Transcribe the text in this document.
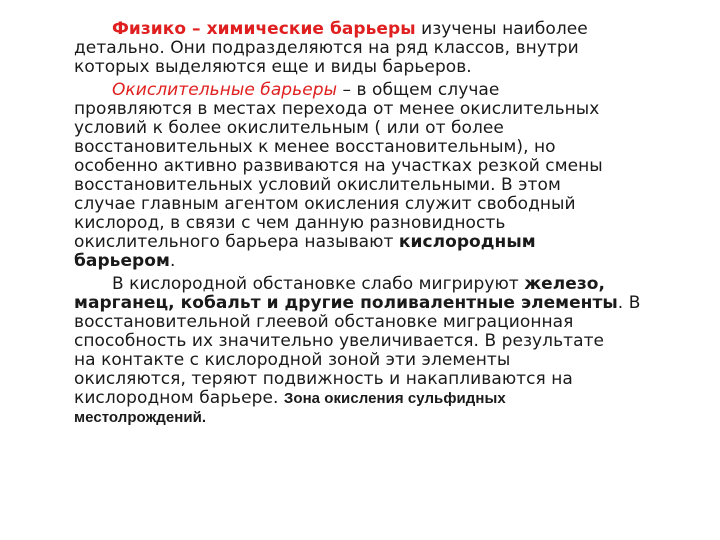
Физико – химические барьеры изучены наиболее
детально. Они подразделяются на ряд классов, внутри
которых выделяются еще и виды барьеров.
Окислительные барьеры – в общем случае
проявляются в местах перехода от менее окислительных
условий к более окислительным ( или от более
восстановительных к менее восстановительным), но
особенно активно развиваются на участках резкой смены
восстановительных условий окислительными. В этом
случае главным агентом окисления служит свободный
кислород, в связи с чем данную разновидность
окислительного барьера называют кислородным
барьером.
В кислородной обстановке слабо мигрируют железо,
марганец, кобальт и другие поливалентные элементы. В
восстановительной глеевой обстановке миграционная
способность их значительно увеличивается. В результате
на контакте с кислородной зоной эти элементы
окисляются, теряют подвижность и накапливаются на
кислородном барьере. Зона окисления сульфидных
местолрождений.
